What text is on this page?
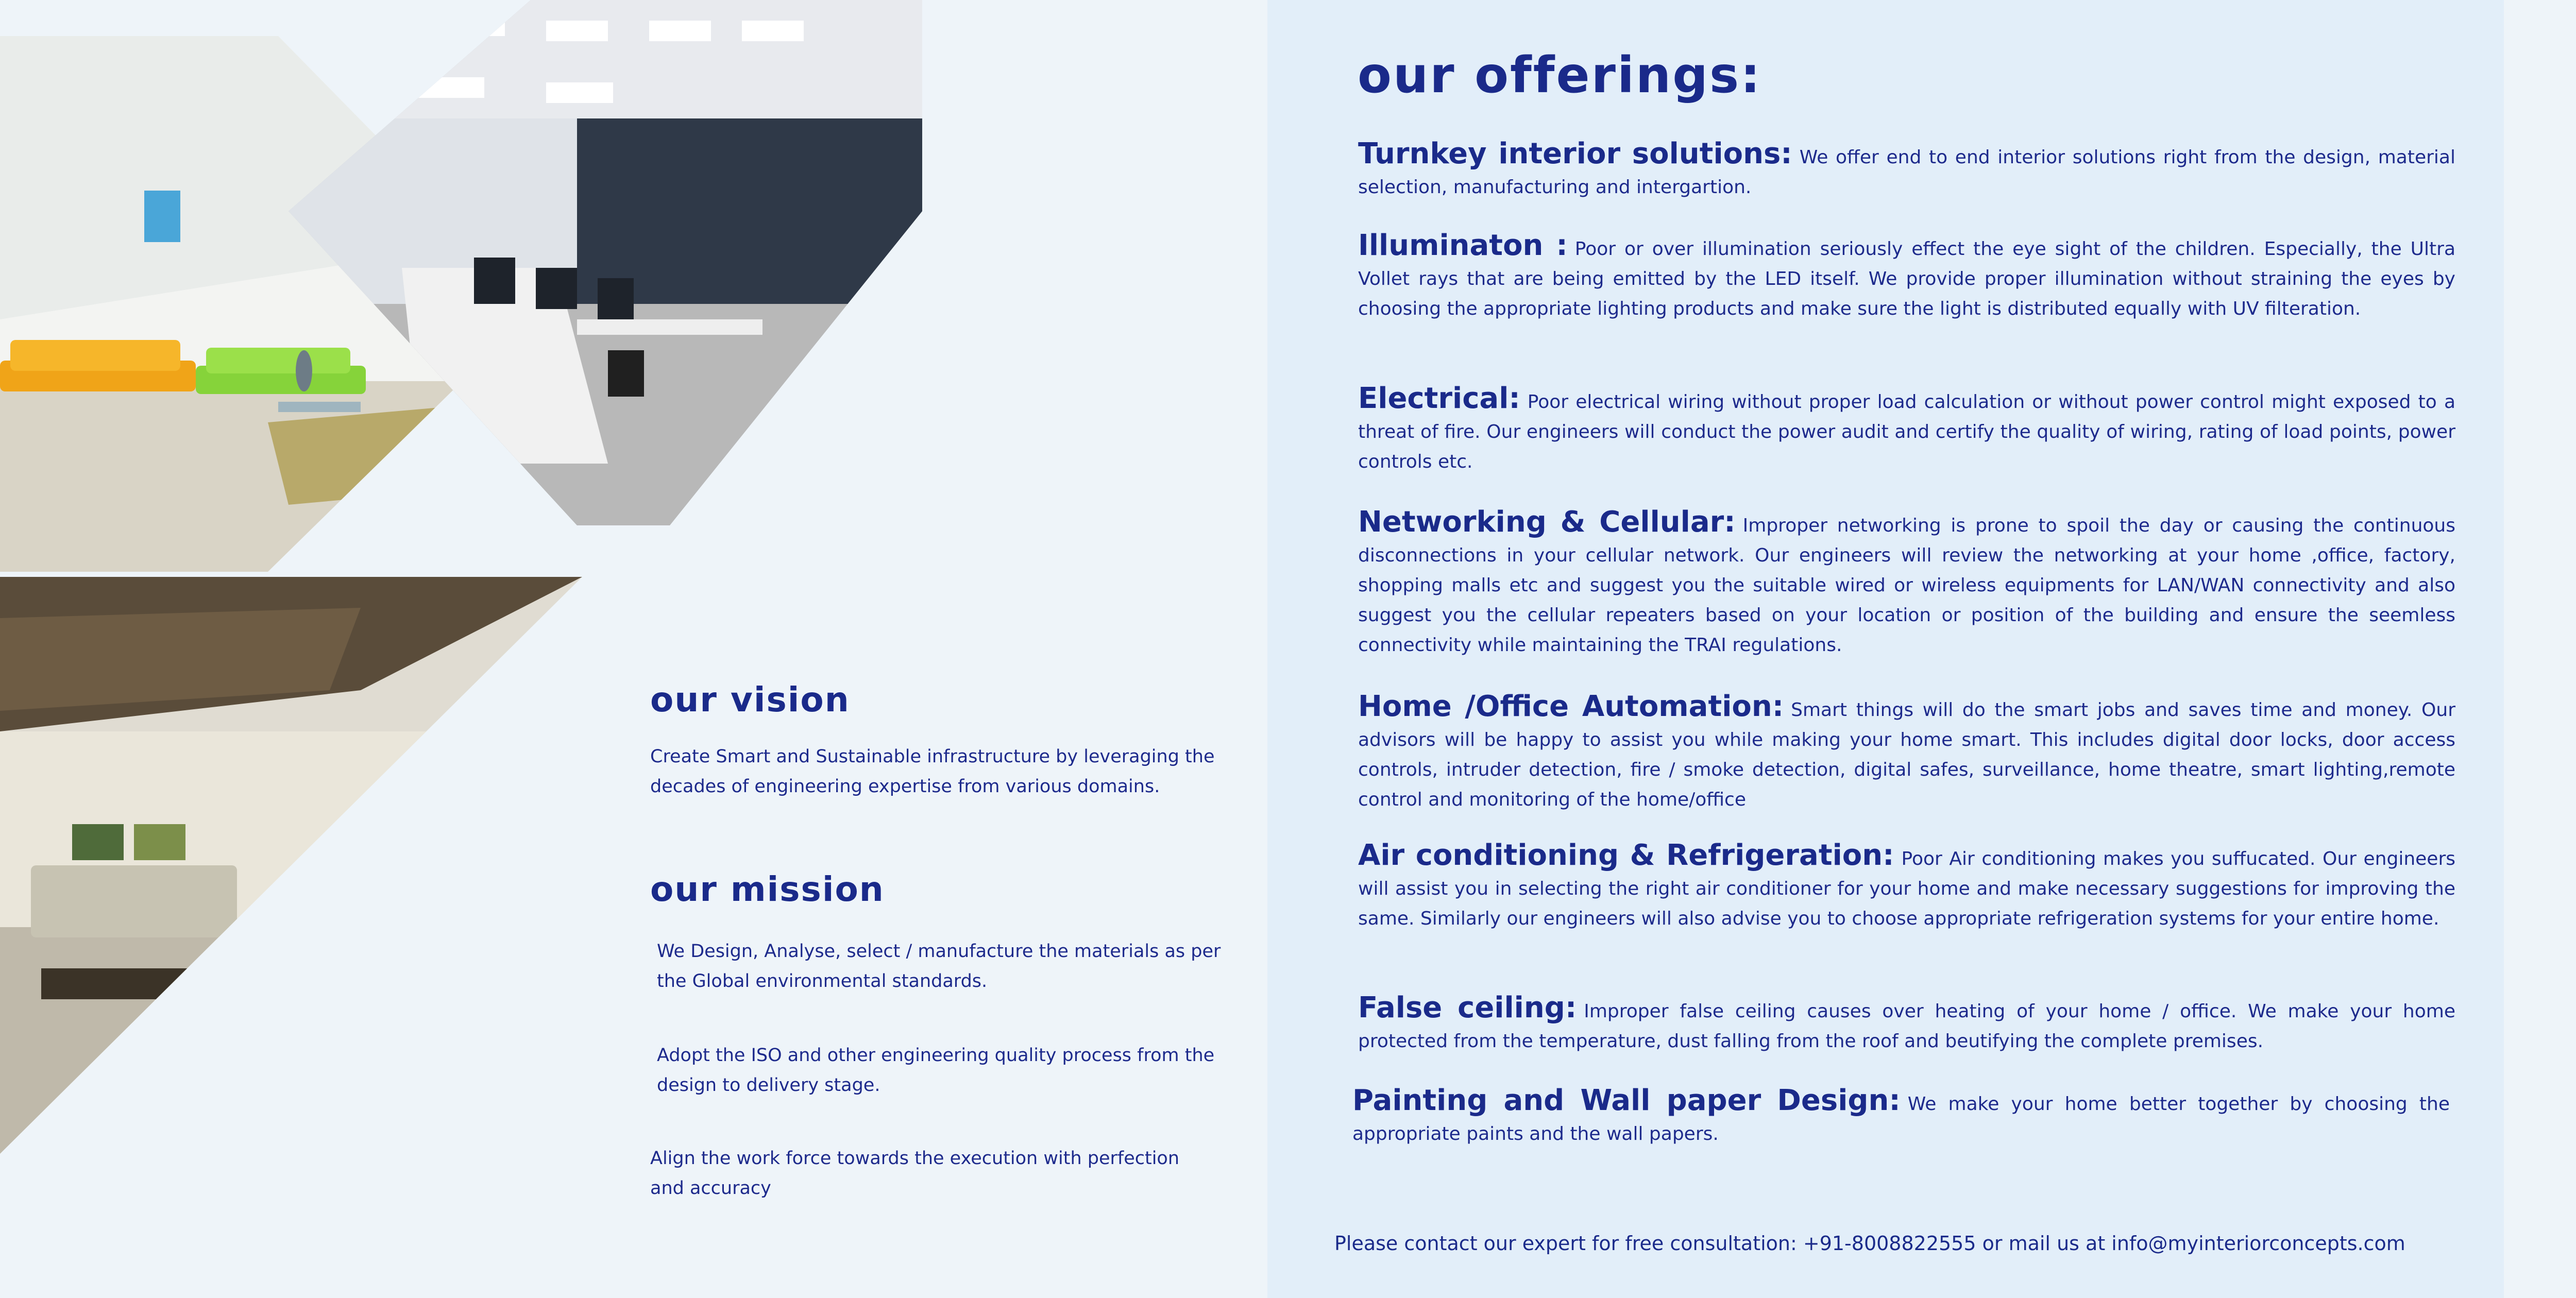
our vision
Create Smart and Sustainable infrastructure by leveraging the decades of engineering expertise from various domains.
our mission
We Design, Analyse, select / manufacture the materials as per the Global environmental standards.
Adopt the ISO and other engineering quality process from the design to delivery stage.
Align the work force towards the execution with perfection and accuracy
our offerings:
Turnkey interior solutions: We offer end to end interior solutions right from the design, material selection, manufacturing and intergartion.
Illuminaton : Poor or over illumination seriously effect the eye sight of the children. Especially, the Ultra Vollet rays that are being emitted by the LED itself. We provide proper illumination without straining the eyes by choosing the appropriate lighting products and make sure the light is distributed equally with UV filteration.
Electrical: Poor electrical wiring without proper load calculation or without power control might exposed to a threat of fire. Our engineers will conduct the power audit and certify the quality of wiring, rating of load points, power controls etc.
Networking & Cellular: Improper networking is prone to spoil the day or causing the continuous disconnections in your cellular network. Our engineers will review the networking at your home ,office, factory, shopping malls etc and suggest you the suitable wired or wireless equipments for LAN/WAN connectivity and also suggest you the cellular repeaters based on your location or position of the building and ensure the seemless connectivity while maintaining the TRAI regulations.
Home /Office Automation: Smart things will do the smart jobs and saves time and money. Our advisors will be happy to assist you while making your home smart. This includes digital door locks, door access controls, intruder detection, fire / smoke detection, digital safes, surveillance, home theatre, smart lighting,remote control and monitoring of the home/office
Air conditioning & Refrigeration: Poor Air conditioning makes you suffucated. Our engineers will assist you in selecting the right air conditioner for your home and make necessary suggestions for improving the same. Similarly our engineers will also advise you to choose appropriate refrigeration systems for your entire home.
False ceiling: Improper false ceiling causes over heating of your home / office. We make your home protected from the temperature, dust falling from the roof and beutifying the complete premises.
Painting and Wall paper Design: We make your home better together by choosing the appropriate paints and the wall papers.
Please contact our expert for free consultation: +91-8008822555 or mail us at info@myinteriorconcepts.com
